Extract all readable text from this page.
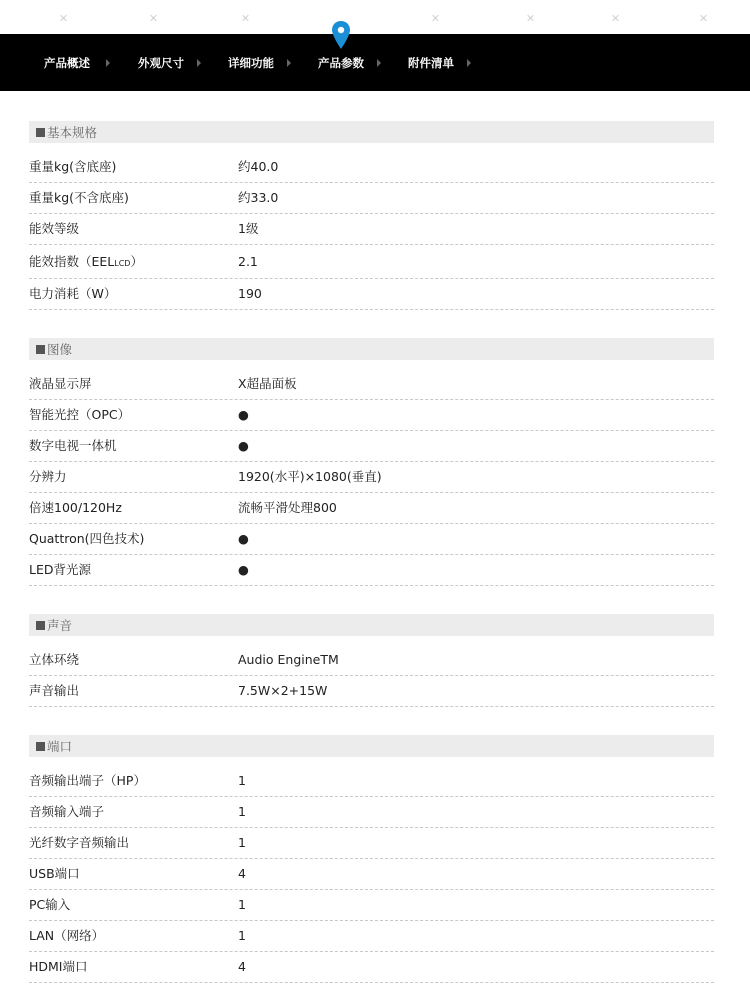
产品概述	外观尺寸	详细功能	产品参数	附件清单
基本规格
重量kg(含底座)	约40.0
重量kg(不含底座)	约33.0
能效等级	1级
能效指数（EELLCD）	2.1
电力消耗（W）	190
图像
液晶显示屏	X超晶面板
智能光控（OPC）	●
数字电视一体机	●
分辨力	1920(水平)×1080(垂直)
倍速100/120Hz	流畅平滑处理800
Quattron(四色技术)	●
LED背光源	●
声音
立体环绕	Audio EngineTM
声音输出	7.5W×2+15W
端口
音频输出端子（HP）	1
音频输入端子	1
光纤数字音频输出	1
USB端口	4
PC输入	1
LAN（网络）	1
HDMI端口	4
